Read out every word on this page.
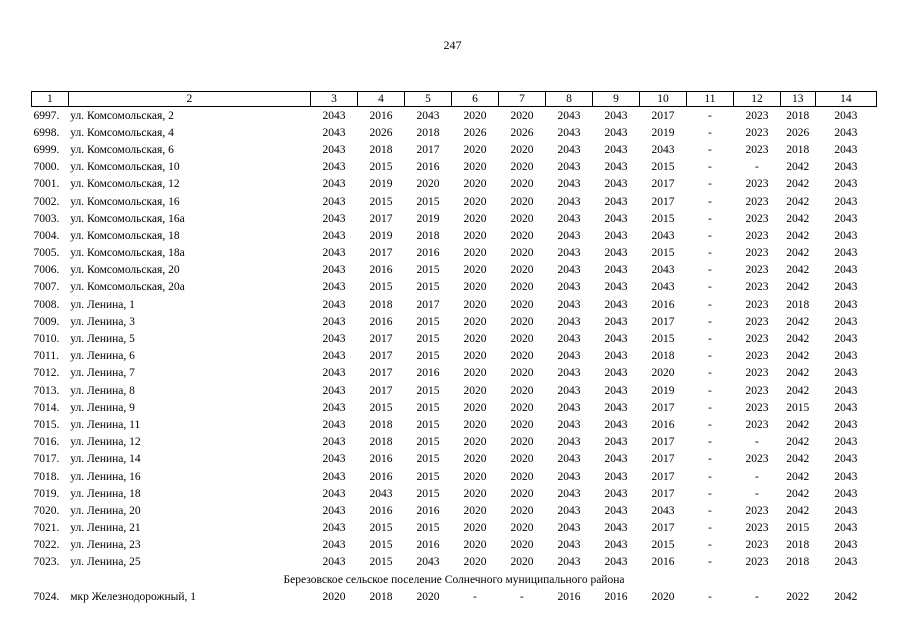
247
1	2	3	4	5	6	7	8	9	10	11	12	13	14
6997.	ул. Комсомольская, 2	2043	2016	2043	2020	2020	2043	2043	2017	-	2023	2018	2043
6998.	ул. Комсомольская, 4	2043	2026	2018	2026	2026	2043	2043	2019	-	2023	2026	2043
6999.	ул. Комсомольская, 6	2043	2018	2017	2020	2020	2043	2043	2043	-	2023	2018	2043
7000.	ул. Комсомольская, 10	2043	2015	2016	2020	2020	2043	2043	2015	-	-	2042	2043
7001.	ул. Комсомольская, 12	2043	2019	2020	2020	2020	2043	2043	2017	-	2023	2042	2043
7002.	ул. Комсомольская, 16	2043	2015	2015	2020	2020	2043	2043	2017	-	2023	2042	2043
7003.	ул. Комсомольская, 16а	2043	2017	2019	2020	2020	2043	2043	2015	-	2023	2042	2043
7004.	ул. Комсомольская, 18	2043	2019	2018	2020	2020	2043	2043	2043	-	2023	2042	2043
7005.	ул. Комсомольская, 18а	2043	2017	2016	2020	2020	2043	2043	2015	-	2023	2042	2043
7006.	ул. Комсомольская, 20	2043	2016	2015	2020	2020	2043	2043	2043	-	2023	2042	2043
7007.	ул. Комсомольская, 20а	2043	2015	2015	2020	2020	2043	2043	2043	-	2023	2042	2043
7008.	ул. Ленина, 1	2043	2018	2017	2020	2020	2043	2043	2016	-	2023	2018	2043
7009.	ул. Ленина, 3	2043	2016	2015	2020	2020	2043	2043	2017	-	2023	2042	2043
7010.	ул. Ленина, 5	2043	2017	2015	2020	2020	2043	2043	2015	-	2023	2042	2043
7011.	ул. Ленина, 6	2043	2017	2015	2020	2020	2043	2043	2018	-	2023	2042	2043
7012.	ул. Ленина, 7	2043	2017	2016	2020	2020	2043	2043	2020	-	2023	2042	2043
7013.	ул. Ленина, 8	2043	2017	2015	2020	2020	2043	2043	2019	-	2023	2042	2043
7014.	ул. Ленина, 9	2043	2015	2015	2020	2020	2043	2043	2017	-	2023	2015	2043
7015.	ул. Ленина, 11	2043	2018	2015	2020	2020	2043	2043	2016	-	2023	2042	2043
7016.	ул. Ленина, 12	2043	2018	2015	2020	2020	2043	2043	2017	-	-	2042	2043
7017.	ул. Ленина, 14	2043	2016	2015	2020	2020	2043	2043	2017	-	2023	2042	2043
7018.	ул. Ленина, 16	2043	2016	2015	2020	2020	2043	2043	2017	-	-	2042	2043
7019.	ул. Ленина, 18	2043	2043	2015	2020	2020	2043	2043	2017	-	-	2042	2043
7020.	ул. Ленина, 20	2043	2016	2016	2020	2020	2043	2043	2043	-	2023	2042	2043
7021.	ул. Ленина, 21	2043	2015	2015	2020	2020	2043	2043	2017	-	2023	2015	2043
7022.	ул. Ленина, 23	2043	2015	2016	2020	2020	2043	2043	2015	-	2023	2018	2043
7023.	ул. Ленина, 25	2043	2015	2043	2020	2020	2043	2043	2016	-	2023	2018	2043
Березовское сельское поселение Солнечного муниципального района													
7024.	мкр Железнодорожный, 1	2020	2018	2020	-	-	2016	2016	2020	-	-	2022	2042
